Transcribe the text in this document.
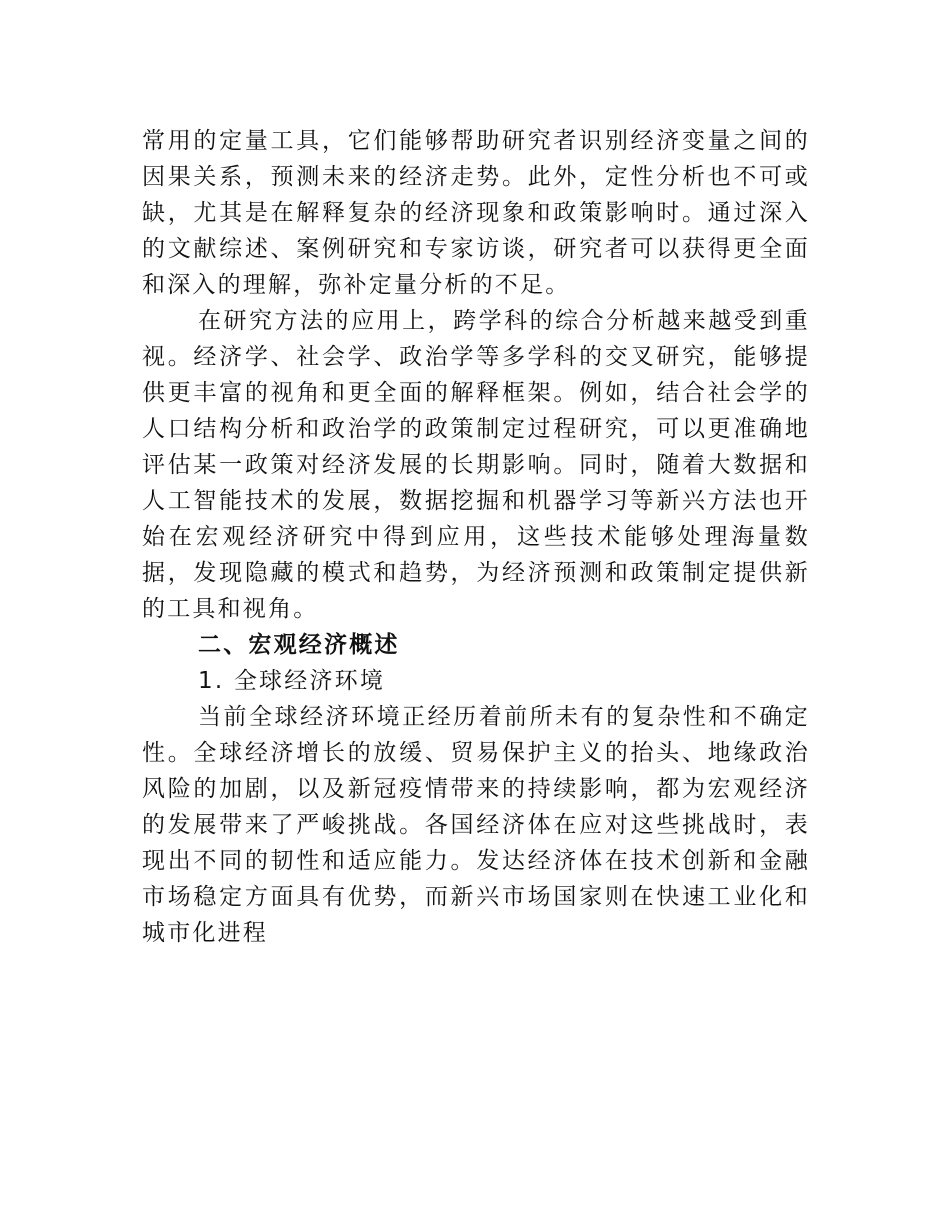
常用的定量工具，它们能够帮助研究者识别经济变量之间的因果关系，预测未来的经济走势。此外，定性分析也不可或缺，尤其是在解释复杂的经济现象和政策影响时。通过深入的文献综述、案例研究和专家访谈，研究者可以获得更全面和深入的理解，弥补定量分析的不足。

在研究方法的应用上，跨学科的综合分析越来越受到重视。经济学、社会学、政治学等多学科的交叉研究，能够提供更丰富的视角和更全面的解释框架。例如，结合社会学的人口结构分析和政治学的政策制定过程研究，可以更准确地评估某一政策对经济发展的长期影响。同时，随着大数据和人工智能技术的发展，数据挖掘和机器学习等新兴方法也开始在宏观经济研究中得到应用，这些技术能够处理海量数据，发现隐藏的模式和趋势，为经济预测和政策制定提供新的工具和视角。

二、宏观经济概述

1. 全球经济环境

当前全球经济环境正经历着前所未有的复杂性和不确定性。全球经济增长的放缓、贸易保护主义的抬头、地缘政治风险的加剧，以及新冠疫情带来的持续影响，都为宏观经济的发展带来了严峻挑战。各国经济体在应对这些挑战时，表现出不同的韧性和适应能力。发达经济体在技术创新和金融市场稳定方面具有优势，而新兴市场国家则在快速工业化和城市化进程
